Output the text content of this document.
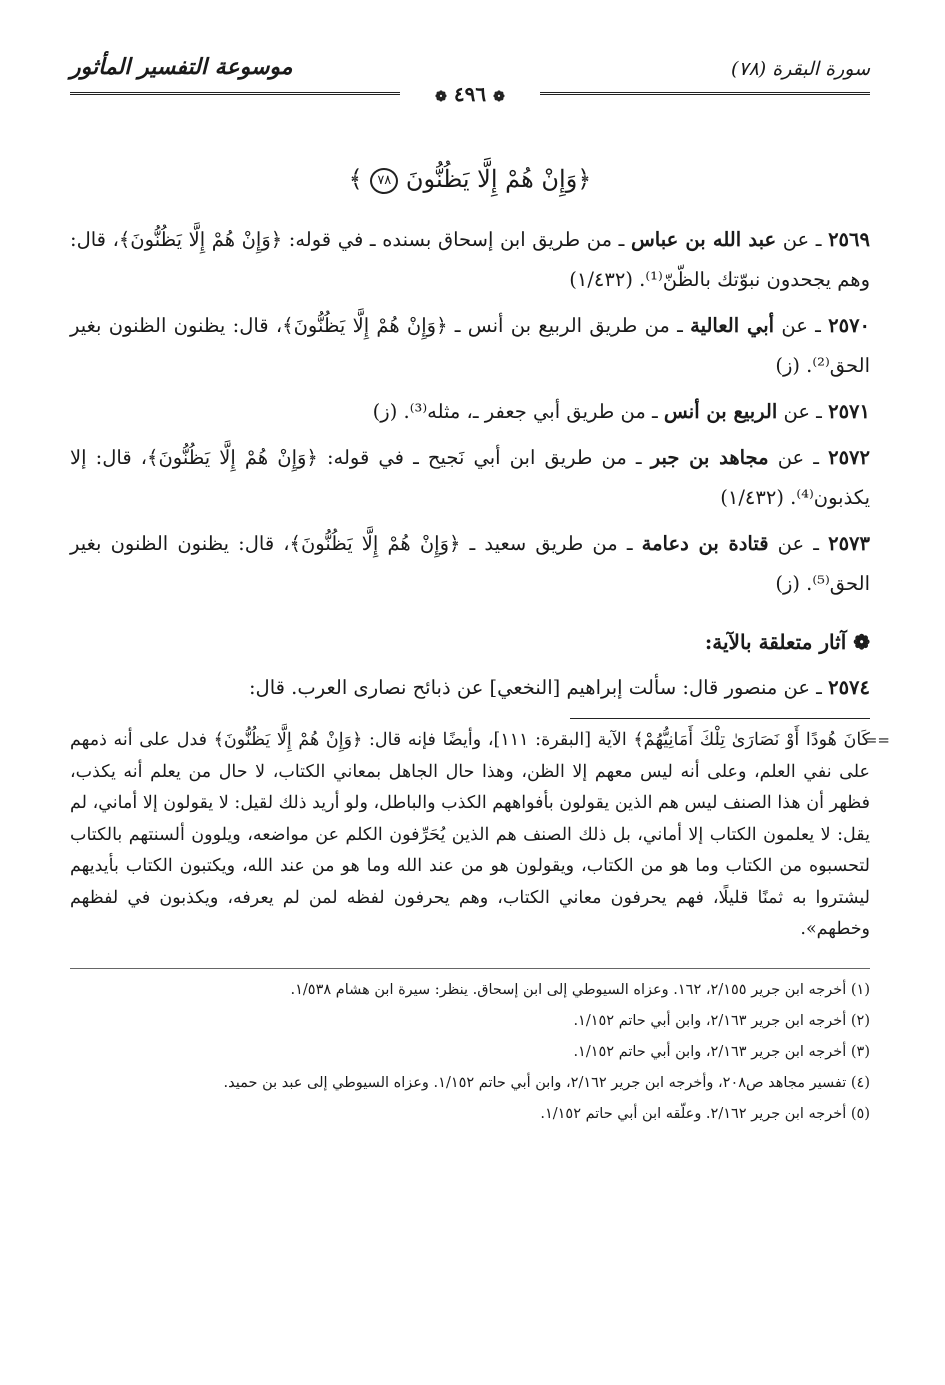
سورة البقرة (٧٨)
موسوعة التفسير المأثور
❁ ٤٩٦ ❁
﴿وَإِنْ هُمْ إِلَّا يَظُنُّونَ ٧٨ ﴾

٢٥٦٩ ـ عن عبد الله بن عباس ـ من طريق ابن إسحاق بسنده ـ في قوله: ﴿وَإِنْ هُمْ إِلَّا يَظُنُّونَ﴾، قال: وهم يجحدون نبوّتك بالظّنّ⁽¹⁾. (١/٤٣٢)

٢٥٧٠ ـ عن أبي العالية ـ من طريق الربيع بن أنس ـ ﴿وَإِنْ هُمْ إِلَّا يَظُنُّونَ﴾، قال: يظنون الظنون بغير الحق⁽²⁾. (ز)

٢٥٧١ ـ عن الربيع بن أنس ـ من طريق أبي جعفر ـ، مثله⁽³⁾. (ز)

٢٥٧٢ ـ عن مجاهد بن جبر ـ من طريق ابن أبي نَجيح ـ في قوله: ﴿وَإِنْ هُمْ إِلَّا يَظُنُّونَ﴾، قال: إلا يكذبون⁽⁴⁾. (١/٤٣٢)

٢٥٧٣ ـ عن قتادة بن دعامة ـ من طريق سعيد ـ ﴿وَإِنْ هُمْ إِلَّا يَظُنُّونَ﴾، قال: يظنون الظنون بغير الحق⁽⁵⁾. (ز)

❁ آثار متعلقة بالآية:

٢٥٧٤ ـ عن منصور قال: سألت إبراهيم [النخعي] عن ذبائح نصارى العرب. قال:

==
كَانَ هُودًا أَوْ نَصَارَىٰ تِلْكَ أَمَانِيُّهُمْ﴾ الآية [البقرة: ١١١]، وأيضًا فإنه قال: ﴿وَإِنْ هُمْ إِلَّا يَظُنُّونَ﴾ فدل على أنه ذمهم على نفي العلم، وعلى أنه ليس معهم إلا الظن، وهذا حال الجاهل بمعاني الكتاب، لا حال من يعلم أنه يكذب، فظهر أن هذا الصنف ليس هم الذين يقولون بأفواههم الكذب والباطل، ولو أريد ذلك لقيل: لا يقولون إلا أماني، لم يقل: لا يعلمون الكتاب إلا أماني، بل ذلك الصنف هم الذين يُحَرِّفون الكلم عن مواضعه، ويلوون ألسنتهم بالكتاب لتحسبوه من الكتاب وما هو من الكتاب، ويقولون هو من عند الله وما هو من عند الله، ويكتبون الكتاب بأيديهم ليشتروا به ثمنًا قليلًا، فهم يحرفون معاني الكتاب، وهم يحرفون لفظه لمن لم يعرفه، ويكذبون في لفظهم وخطهم».

(١) أخرجه ابن جرير ٢/١٥٥، ١٦٢. وعزاه السيوطي إلى ابن إسحاق. ينظر: سيرة ابن هشام ١/٥٣٨.

(٢) أخرجه ابن جرير ٢/١٦٣، وابن أبي حاتم ١/١٥٢.

(٣) أخرجه ابن جرير ٢/١٦٣، وابن أبي حاتم ١/١٥٢.

(٤) تفسير مجاهد ص٢٠٨، وأخرجه ابن جرير ٢/١٦٢، وابن أبي حاتم ١/١٥٢. وعزاه السيوطي إلى عبد بن حميد.

(٥) أخرجه ابن جرير ٢/١٦٢. وعلّقه ابن أبي حاتم ١/١٥٢.
